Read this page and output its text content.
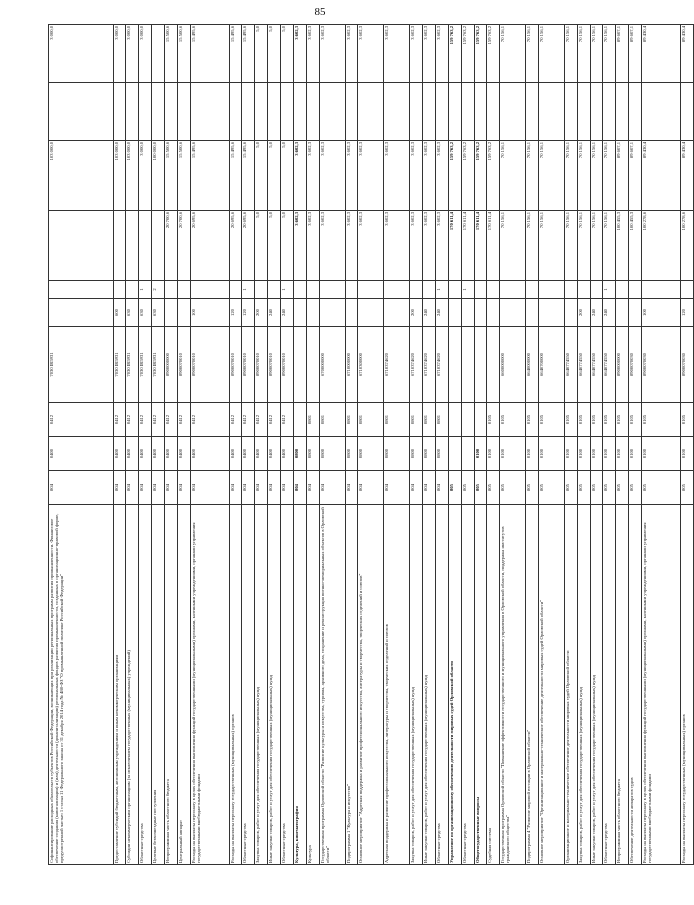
85
Софинансирование расходных обязательств субъектов Российской Федерации, возникающих при реализации региональных программ развития промышленности. Финансовое обеспечение создания (капитализации) и (или) деятельности (докапитализации) региональных фондов развития промышленности, созданных в организационно-правовой форме, предусмотренной частью 1 статьи 11 Федерального закона от 31 декабря 2014 года № 488-ФЗ "О промышленной политике Российской Федерации"	804	0400	0412	7030 IR5931				103 000,0		3 000,0
Предоставление субсидий бюджетным, автономным учреждениям и иным некоммерческим организациям	804	0400	0412	7030 IR5931	600			103 000,0		3 000,0
Субсидии некоммерческим организациям (за исключением государственных (муниципальных) учреждений)	804	0400	0412	7030 IR5931	630			103 000,0		3 000,0
Областные средства	804	0400	0412	7030 IR5931	630	1		3 000,0		3 000,0
Целевые безвозмездные поступления	804	0400	0412	7030 IR5931	630	2		100 000,0		
Непрограммная часть областного бюджета	804	0400	0412	8900000000			20 700,6	15 500,6		15 500,6
Центральный аппарат	804	0400	0412	8900070010			20 700,6	15 500,6		15 500,6
Расходы на выплаты персоналу в целях обеспечения выполнения функций государственными (муниципальными) органами, казенными учреждениями, органами управления государственными внебюджетными фондами	804	0400	0412	8900070010	100		20 695,6	15 495,6		15 495,6
Расходы на выплаты персоналу государственных (муниципальных) органов	804	0400	0412	8900070010	120		20 695,6	15 495,6		15 495,6
Областные средства	804	0400	0412	8900070010	120	1	20 695,6	15 495,6		15 495,6
Закупка товаров, работ и услуг для обеспечения государственных (муниципальных) нужд	804	0400	0412	8900070010	200		5,0	5,0		5,0
Иные закупки товаров, работ и услуг для обеспечения государственных (муниципальных) нужд	804	0400	0412	8900070010	240		5,0	5,0		5,0
Областные средства	804	0400	0412	8900070010	240	1	5,0	5,0		5,0
Культура, кинематография	804	0800					3 602,3	3 602,3		3 602,3
Культура	804	0800	0801				3 602,3	3 602,3		3 602,3
Государственная программа Орловской области "Развитие культуры и искусства, туризма, архивного дела, сохранение и реконструкция военно-мемориальных объектов в Орловской области"	804	0800	0801	6700000000			3 602,3	3 602,3		3 602,3
Подпрограмма 1 "Культура и искусство"	804	0800	0801	6710000000			3 602,3	3 602,3		3 602,3
Основное мероприятие "Адресная поддержка и развитие профессионального искусства, литературы и творчества, творческих отделений и союзов"	804	0800	0801	6710300000			3 602,3	3 602,3		3 602,3
Адресная поддержка и развитие профессионального искусства, литературы и творчества, творческих отделений и союзов	804	0800	0801	6710374620			3 602,3	3 602,3		3 602,3
Закупка товаров, работ и услуг для обеспечения государственных (муниципальных) нужд	804	0800	0801	6710374620	200		3 602,3	3 602,3		3 602,3
Иные закупки товаров, работ и услуг для обеспечения государственных (муниципальных) нужд	804	0800	0801	6710374620	240		3 602,3	3 602,3		3 602,3
Областные средства	804	0800	0801	6710374620	240	1	3 602,3	3 602,3		3 602,3
Управление по организационному обеспечению деятельности мировых судей Орловской области	805						170 611,4	159 763,2		159 763,2
Областные средства	805					1	170 611,4	159 763,2		159 763,2
Общегосударственные вопросы	805	0100					170 611,4	159 763,2		159 763,2
Судебная система	805	0100	0105				170 611,4	159 763,2		159 763,2
Государственная программа Орловской области "Повышение эффективности государственного и муниципального управления в Орловской области, поддержка институтов гражданского общества"	805	0100	0105	6600000000			70 156,1	70 156,1		70 156,1
Подпрограмма 4 "Развитие мировой юстиции в Орловской области"	805	0100	0105	6640000000			70 156,1	70 156,1		70 156,1
Основное мероприятие "Организационное и материально-техническое обеспечение деятельности мировых судей Орловской области"	805	0100	0105	6640700000			70 156,1	70 156,1		70 156,1
Организационное и материально-техническое обеспечение деятельности мировых судей Орловской области	805	0100	0105	6640774550			70 156,1	70 156,1		70 156,1
Закупка товаров, работ и услуг для обеспечения государственных (муниципальных) нужд	805	0100	0105	6640774550	200		70 156,1	70 156,1		70 156,1
Иные закупки товаров, работ и услуг для обеспечения государственных (муниципальных) нужд	805	0100	0105	6640774550	240		70 156,1	70 156,1		70 156,1
Областные средства	805	0100	0105	6640774550	240	1	70 156,1	70 156,1		70 156,1
Непрограммная часть областного бюджета	805	0100	0105	8900000000			100 455,3	89 607,1		89 607,1
Обеспечение деятельности аппаратов судов	805	0100	0105	8900070030			100 455,3	89 607,1		89 607,1
Расходы на выплаты персоналу в целях обеспечения выполнения функций государственными (муниципальными) органами, казенными учреждениями, органами управления государственными внебюджетными фондами	805	0100	0105	8900070030	100		100 278,6	89 430,4		89 430,4
Расходы на выплаты персоналу государственных (муниципальных) органов	805	0100	0105	8900070030	120		100 278,6	89 430,4		89 430,4
